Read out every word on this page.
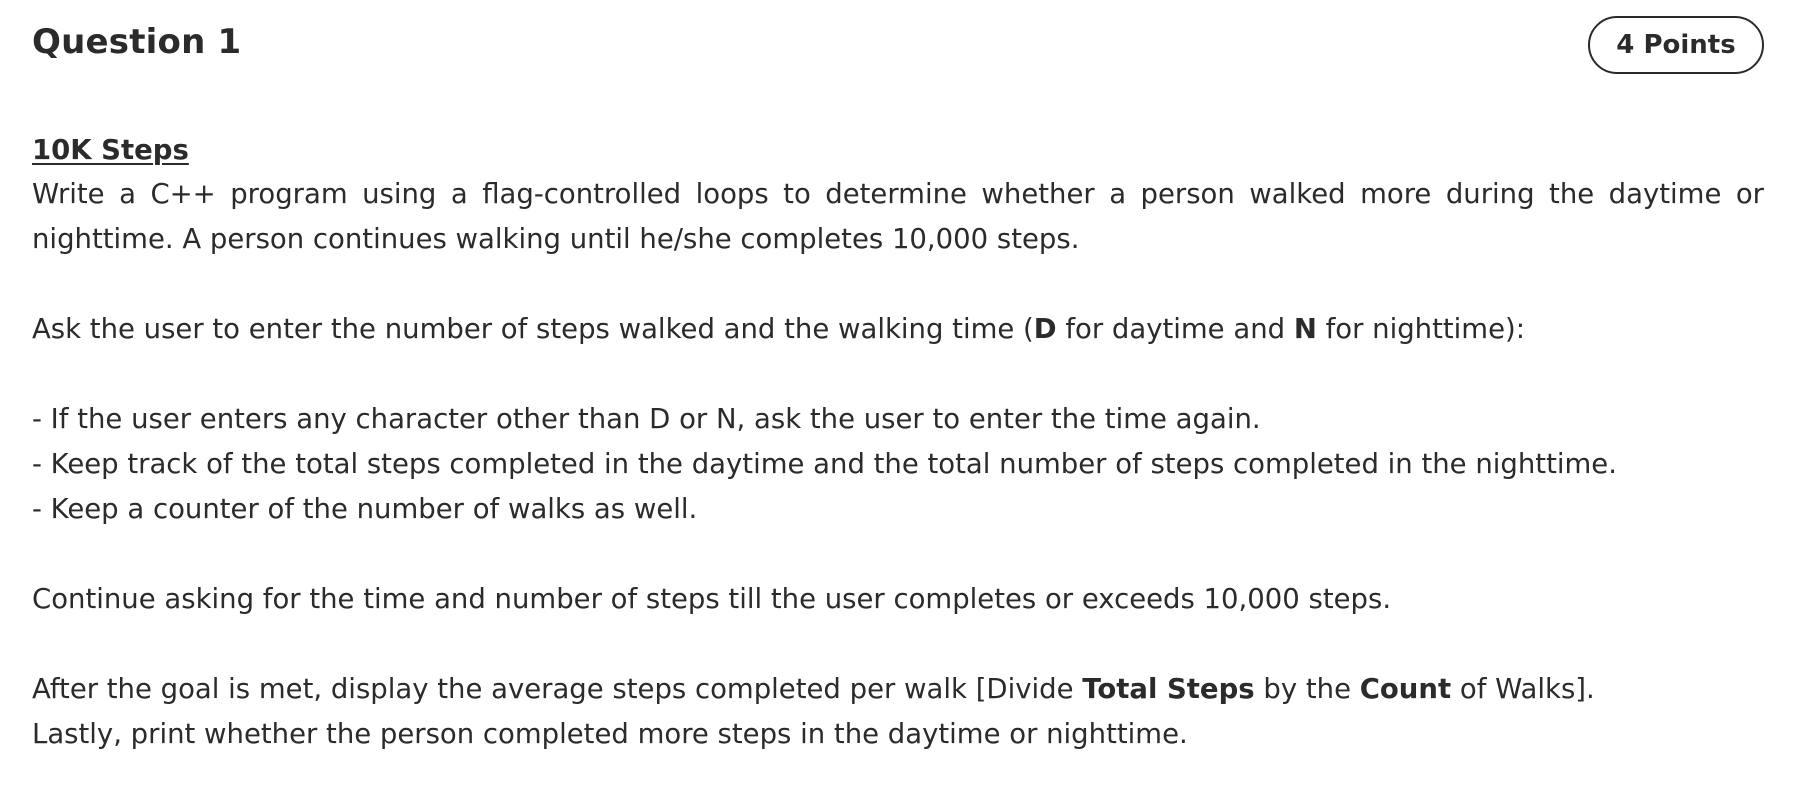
Question 1	4 Points
10K Steps

Write a C++ program using a flag-controlled loops to determine whether a person walked more during the daytime or nighttime. A person continues walking until he/she completes 10,000 steps.

Ask the user to enter the number of steps walked and the walking time (D for daytime and N for nighttime):

- If the user enters any character other than D or N, ask the user to enter the time again.
- Keep track of the total steps completed in the daytime and the total number of steps completed in the nighttime.
- Keep a counter of the number of walks as well.

Continue asking for the time and number of steps till the user completes or exceeds 10,000 steps.

After the goal is met, display the average steps completed per walk [Divide Total Steps by the Count of Walks].

Lastly, print whether the person completed more steps in the daytime or nighttime.
